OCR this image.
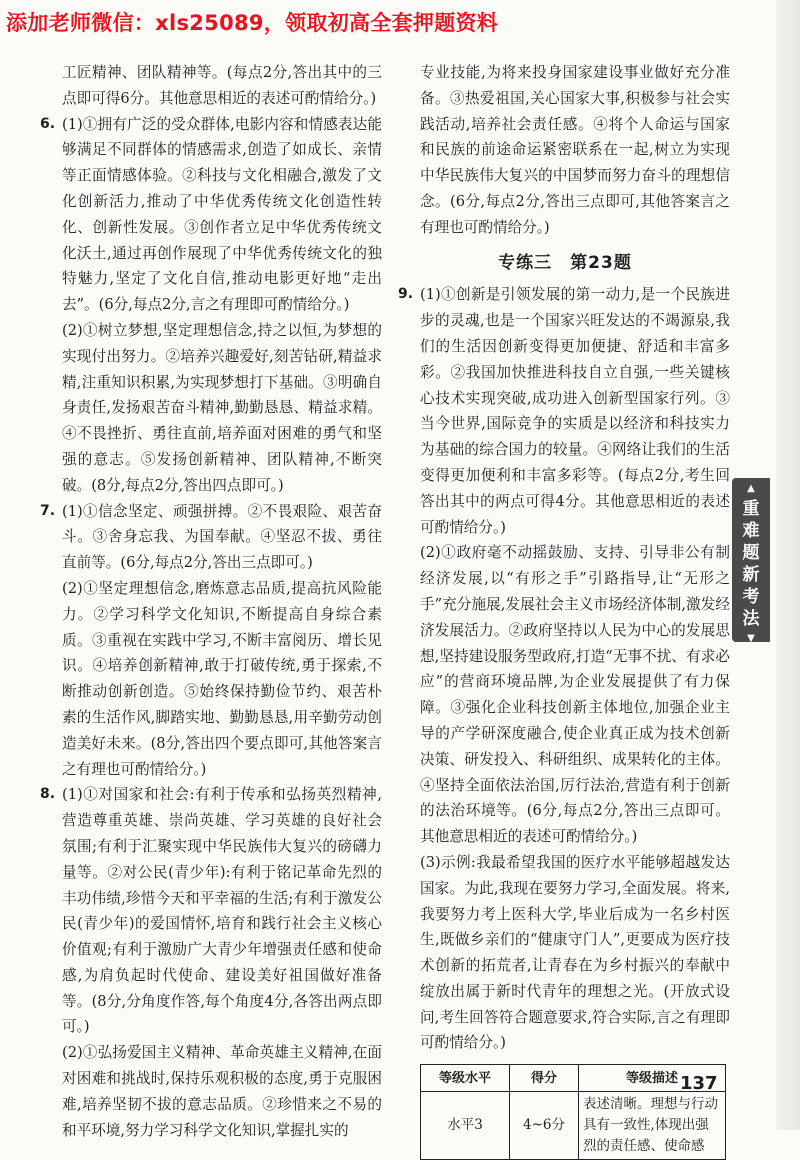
添加老师微信：xls25089，领取初高全套押题资料

工匠精神、团队精神等。(每点2分,答出其中的三点即可得6分。其他意思相近的表述可酌情给分。)

6. (1)①拥有广泛的受众群体,电影内容和情感表达能够满足不同群体的情感需求,创造了如成长、亲情等正面情感体验。②科技与文化相融合,激发了文化创新活力,推动了中华优秀传统文化创造性转化、创新性发展。③创作者立足中华优秀传统文化沃土,通过再创作展现了中华优秀传统文化的独特魅力,坚定了文化自信,推动电影更好地“走出去”。(6分,每点2分,言之有理即可酌情给分。)

(2)①树立梦想,坚定理想信念,持之以恒,为梦想的实现付出努力。②培养兴趣爱好,刻苦钻研,精益求精,注重知识积累,为实现梦想打下基础。③明确自身责任,发扬艰苦奋斗精神,勤勤恳恳、精益求精。④不畏挫折、勇往直前,培养面对困难的勇气和坚强的意志。⑤发扬创新精神、团队精神,不断突破。(8分,每点2分,答出四点即可。)

7. (1)①信念坚定、顽强拼搏。②不畏艰险、艰苦奋斗。③舍身忘我、为国奉献。④坚忍不拔、勇往直前等。(6分,每点2分,答出三点即可。)

(2)①坚定理想信念,磨炼意志品质,提高抗风险能力。②学习科学文化知识,不断提高自身综合素质。③重视在实践中学习,不断丰富阅历、增长见识。④培养创新精神,敢于打破传统,勇于探索,不断推动创新创造。⑤始终保持勤俭节约、艰苦朴素的生活作风,脚踏实地、勤勤恳恳,用辛勤劳动创造美好未来。(8分,答出四个要点即可,其他答案言之有理也可酌情给分。)

8. (1)①对国家和社会:有利于传承和弘扬英烈精神,营造尊重英雄、崇尚英雄、学习英雄的良好社会氛围;有利于汇聚实现中华民族伟大复兴的磅礴力量等。②对公民(青少年):有利于铭记革命先烈的丰功伟绩,珍惜今天和平幸福的生活;有利于激发公民(青少年)的爱国情怀,培育和践行社会主义核心价值观;有利于激励广大青少年增强责任感和使命感,为肩负起时代使命、建设美好祖国做好准备等。(8分,分角度作答,每个角度4分,各答出两点即可。)

(2)①弘扬爱国主义精神、革命英雄主义精神,在面对困难和挑战时,保持乐观积极的态度,勇于克服困难,培养坚韧不拔的意志品质。②珍惜来之不易的和平环境,努力学习科学文化知识,掌握扎实的

专业技能,为将来投身国家建设事业做好充分准备。③热爱祖国,关心国家大事,积极参与社会实践活动,培养社会责任感。④将个人命运与国家和民族的前途命运紧密联系在一起,树立为实现中华民族伟大复兴的中国梦而努力奋斗的理想信念。(6分,每点2分,答出三点即可,其他答案言之有理也可酌情给分。)

专练三　第23题
9. (1)①创新是引领发展的第一动力,是一个民族进步的灵魂,也是一个国家兴旺发达的不竭源泉,我们的生活因创新变得更加便捷、舒适和丰富多彩。②我国加快推进科技自立自强,一些关键核心技术实现突破,成功进入创新型国家行列。③当今世界,国际竞争的实质是以经济和科技实力为基础的综合国力的较量。④网络让我们的生活变得更加便利和丰富多彩等。(每点2分,考生回答出其中的两点可得4分。其他意思相近的表述可酌情给分。)

(2)①政府毫不动摇鼓励、支持、引导非公有制经济发展,以“有形之手”引路指导,让“无形之手”充分施展,发展社会主义市场经济体制,激发经济发展活力。②政府坚持以人民为中心的发展思想,坚持建设服务型政府,打造“无事不扰、有求必应”的营商环境品牌,为企业发展提供了有力保障。③强化企业科技创新主体地位,加强企业主导的产学研深度融合,使企业真正成为技术创新决策、研发投入、科研组织、成果转化的主体。④坚持全面依法治国,厉行法治,营造有利于创新的法治环境等。(6分,每点2分,答出三点即可。其他意思相近的表述可酌情给分。)

(3)示例:我最希望我国的医疗水平能够超越发达国家。为此,我现在要努力学习,全面发展。将来,我要努力考上医科大学,毕业后成为一名乡村医生,既做乡亲们的“健康守门人”,更要成为医疗技术创新的拓荒者,让青春在为乡村振兴的奉献中绽放出属于新时代青年的理想之光。(开放式设问,考生回答符合题意要求,符合实际,言之有理即可酌情给分。)

等级水平	得分	等级描述
水平3	4~6分	表述清晰。理想与行动具有一致性,体现出强烈的责任感、使命感
▲
重难题新考法
▼
137
